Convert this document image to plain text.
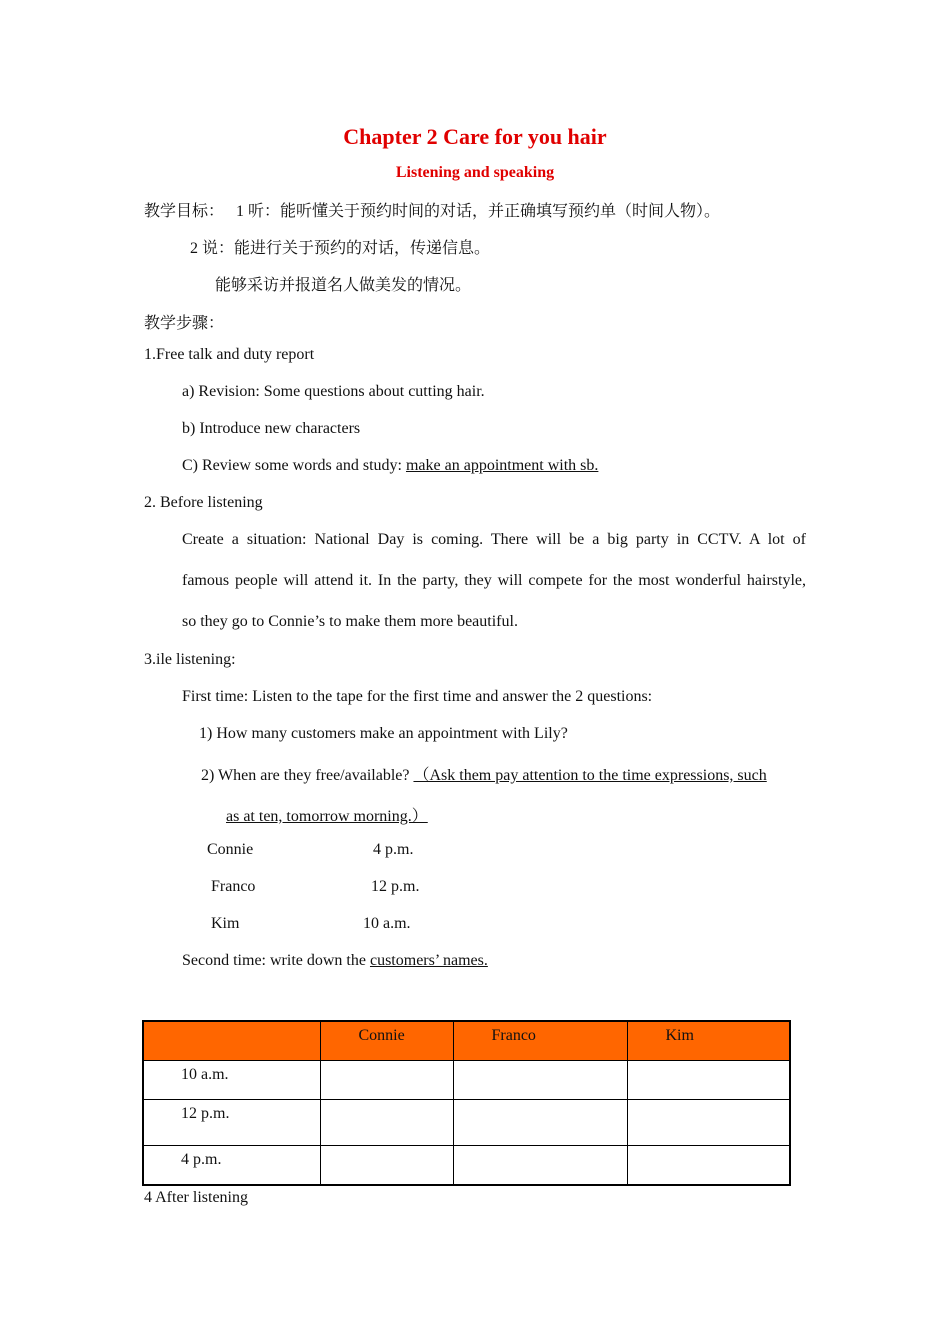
Chapter 2 Care for you hair
Listening and speaking
教学目标： 1 听：能听懂关于预约时间的对话，并正确填写预约单（时间人物）。
2 说：能进行关于预约的对话，传递信息。
能够采访并报道名人做美发的情况。
教学步骤：
1.Free talk and duty report
a) Revision: Some questions about cutting hair.
b) Introduce new characters
C) Review some words and study: make an appointment with sb.
2. Before listening
Create a situation: National Day is coming. There will be a big party in CCTV. A lot of
famous people will attend it. In the party, they will compete for the most wonderful hairstyle,
so they go to Connie’s to make them more beautiful.
3.ile listening:
First time: Listen to the tape for the first time and answer the 2 questions:
1) How many customers make an appointment with Lily?
2) When are they free/available? （Ask them pay attention to the time expressions, such
as at ten, tomorrow morning.）
Connie	4 p.m.
Franco	12 p.m.
Kim	10 a.m.
Second time: write down the customers’ names.

	Connie	Franco	Kim

10 a.m.			

12 p.m.			

4 p.m.			

4 After listening
